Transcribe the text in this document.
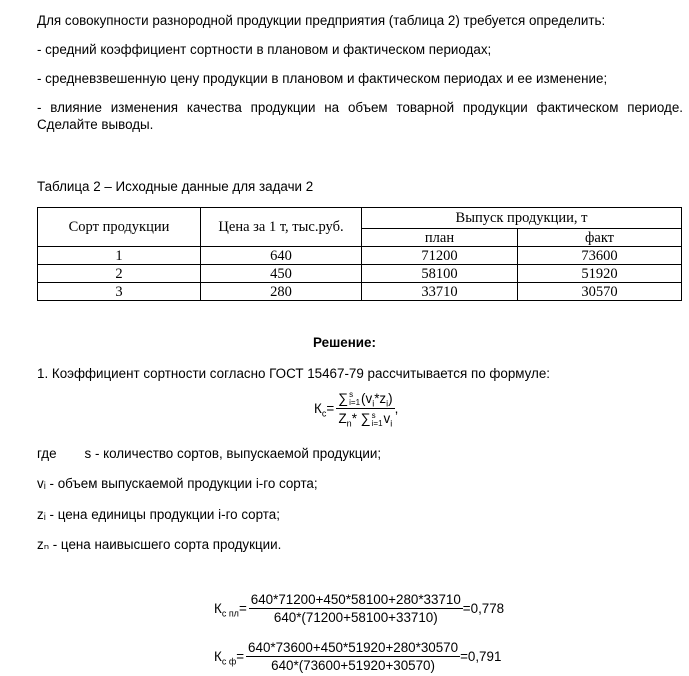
Для совокупности разнородной продукции предприятия (таблица 2) требуется определить:
- средний коэффициент сортности в плановом и фактическом периодах;
- средневзвешенную цену продукции в плановом и фактическом периодах и ее изменение;
- влияние изменения качества продукции на объем товарной продукции фактическом периоде. Сделайте выводы.
Таблица 2 – Исходные данные для задачи 2
Сорт продукции	Цена за 1 т, тыс.руб.	Выпуск продукции, т	
		план	факт
1	640	71200	73600
2	450	58100	51920
3	280	33710	30570
Решение:
1. Коэффициент сортности согласно ГОСТ 15467-79 рассчитывается по формуле:
$К_c=$ ∑ s
i=1 $(v_i*z_i)$
$Z_n*$ ∑ s
i=1 $v_i$ ,
где s - количество сортов, выпускаемой продукции;
vᵢ - объем выпускаемой продукции i-го сорта;
zᵢ - цена единицы продукции i-го сорта;
zₙ - цена наивысшего сорта продукции.
$К_{с пл}= \frac{640*71200+450*58100+280*33710}{640*(71200+58100+33710)} =0,778$
$К_{с ф}= \frac{640*73600+450*51920+280*30570}{640*(73600+51920+30570)} =0,791$
